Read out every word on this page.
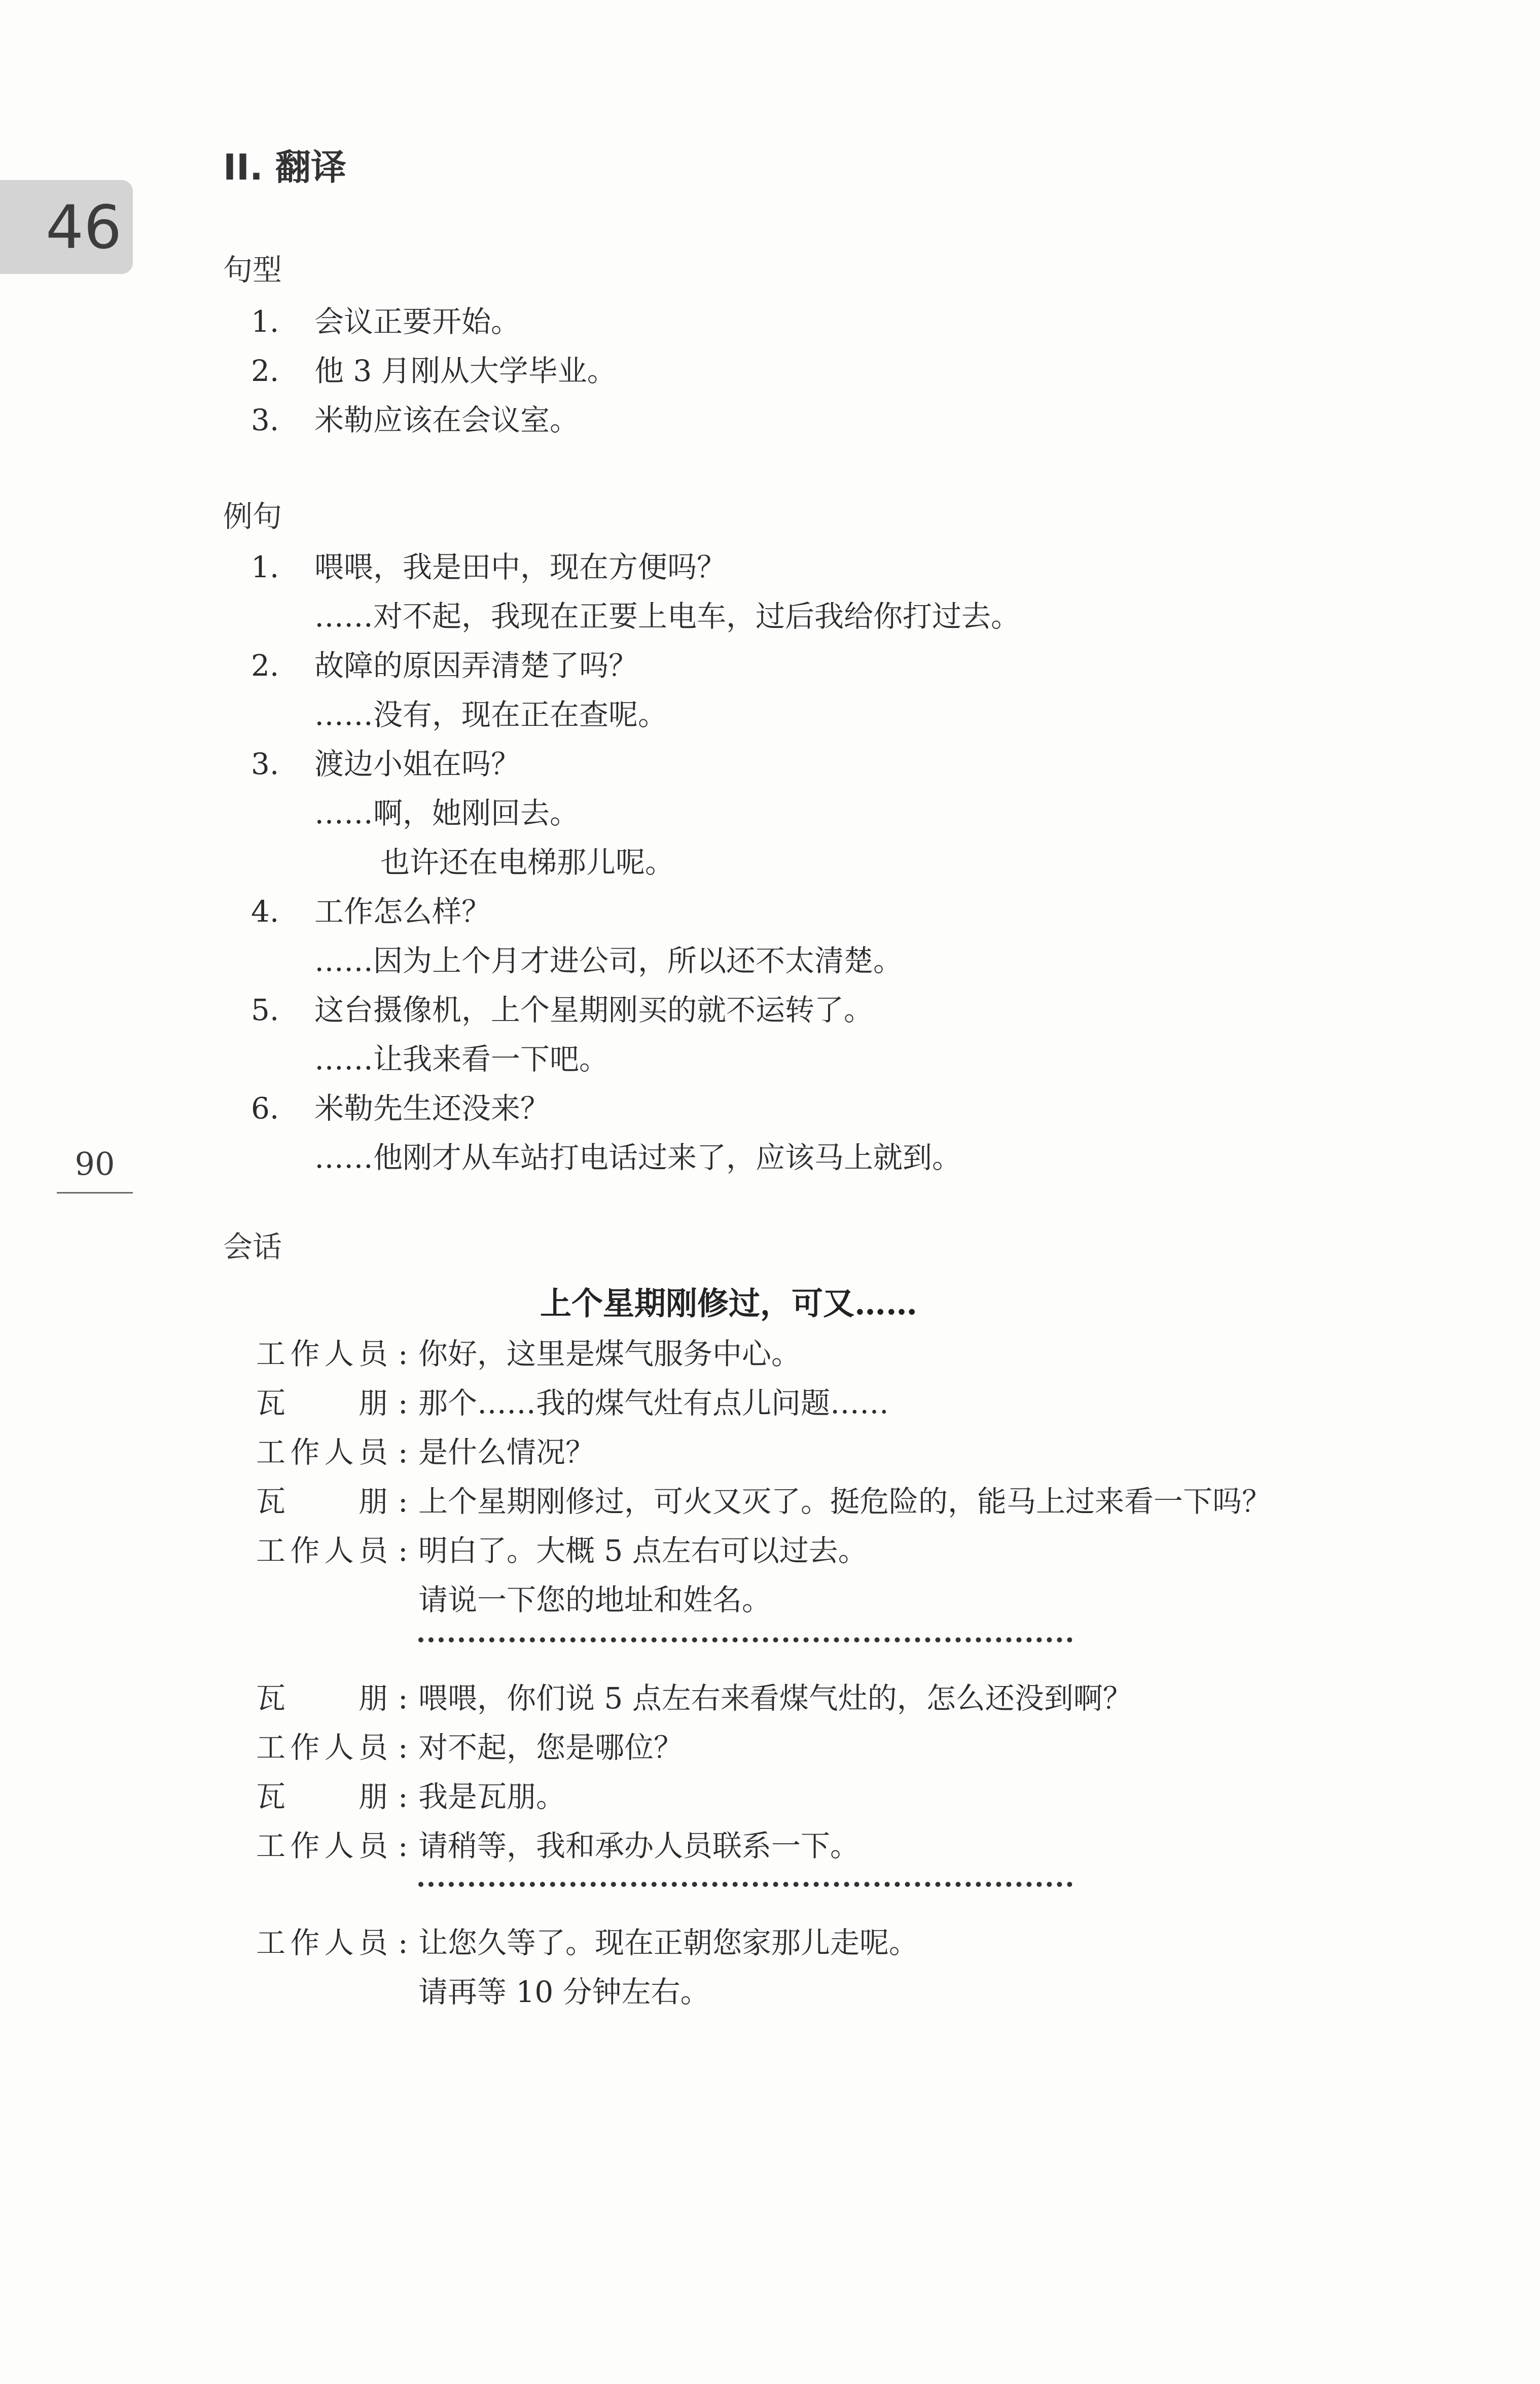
46
90
II. 翻译
句型
1. 会议正要开始。
2. 他 3 月刚从大学毕业。
3. 米勒应该在会议室。
例句
1. 喂喂，我是田中，现在方便吗？
……对不起，我现在正要上电车，过后我给你打过去。
2. 故障的原因弄清楚了吗？
……没有，现在正在查呢。
3. 渡边小姐在吗？
……啊，她刚回去。
也许还在电梯那儿呢。
4. 工作怎么样？
……因为上个月才进公司，所以还不太清楚。
5. 这台摄像机，上个星期刚买的就不运转了。
……让我来看一下吧。
6. 米勒先生还没来？
……他刚才从车站打电话过来了，应该马上就到。
会话
上个星期刚修过，可又……
工作人员 : 你好，这里是煤气服务中心。
瓦朋 : 那个……我的煤气灶有点儿问题……
工作人员 : 是什么情况？
瓦朋 : 上个星期刚修过，可火又灭了。挺危险的，能马上过来看一下吗？
工作人员 : 明白了。大概 5 点左右可以过去。
请说一下您的地址和姓名。
瓦朋 : 喂喂，你们说 5 点左右来看煤气灶的，怎么还没到啊？
工作人员 : 对不起，您是哪位？
瓦朋 : 我是瓦朋。
工作人员 : 请稍等，我和承办人员联系一下。
工作人员 : 让您久等了。现在正朝您家那儿走呢。
请再等 10 分钟左右。
